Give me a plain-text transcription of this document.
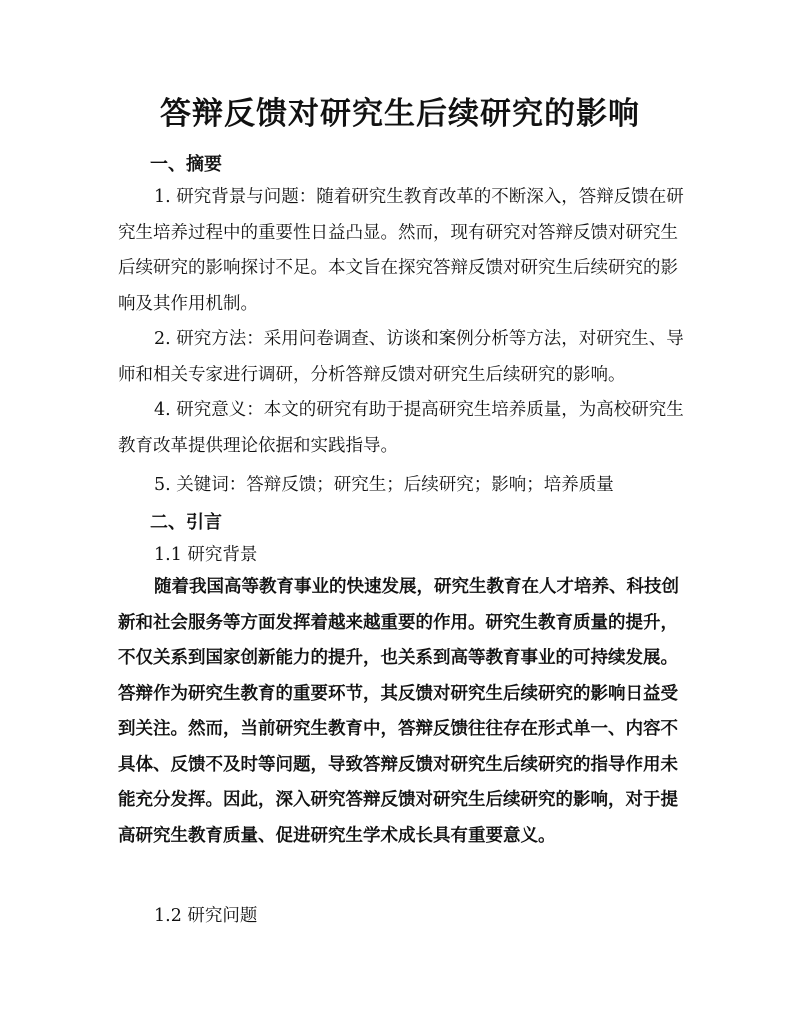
答辩反馈对研究生后续研究的影响
一、摘要

1. 研究背景与问题：随着研究生教育改革的不断深入，答辩反馈在研究生培养过程中的重要性日益凸显。然而，现有研究对答辩反馈对研究生后续研究的影响探讨不足。本文旨在探究答辩反馈对研究生后续研究的影响及其作用机制。

2. 研究方法：采用问卷调查、访谈和案例分析等方法，对研究生、导师和相关专家进行调研，分析答辩反馈对研究生后续研究的影响。

4. 研究意义：本文的研究有助于提高研究生培养质量，为高校研究生教育改革提供理论依据和实践指导。

5. 关键词：答辩反馈；研究生；后续研究；影响；培养质量

二、引言

1.1 研究背景

随着我国高等教育事业的快速发展，研究生教育在人才培养、科技创新和社会服务等方面发挥着越来越重要的作用。研究生教育质量的提升，不仅关系到国家创新能力的提升，也关系到高等教育事业的可持续发展。答辩作为研究生教育的重要环节，其反馈对研究生后续研究的影响日益受到关注。然而，当前研究生教育中，答辩反馈往往存在形式单一、内容不具体、反馈不及时等问题，导致答辩反馈对研究生后续研究的指导作用未能充分发挥。因此，深入研究答辩反馈对研究生后续研究的影响，对于提高研究生教育质量、促进研究生学术成长具有重要意义。

1.2 研究问题
